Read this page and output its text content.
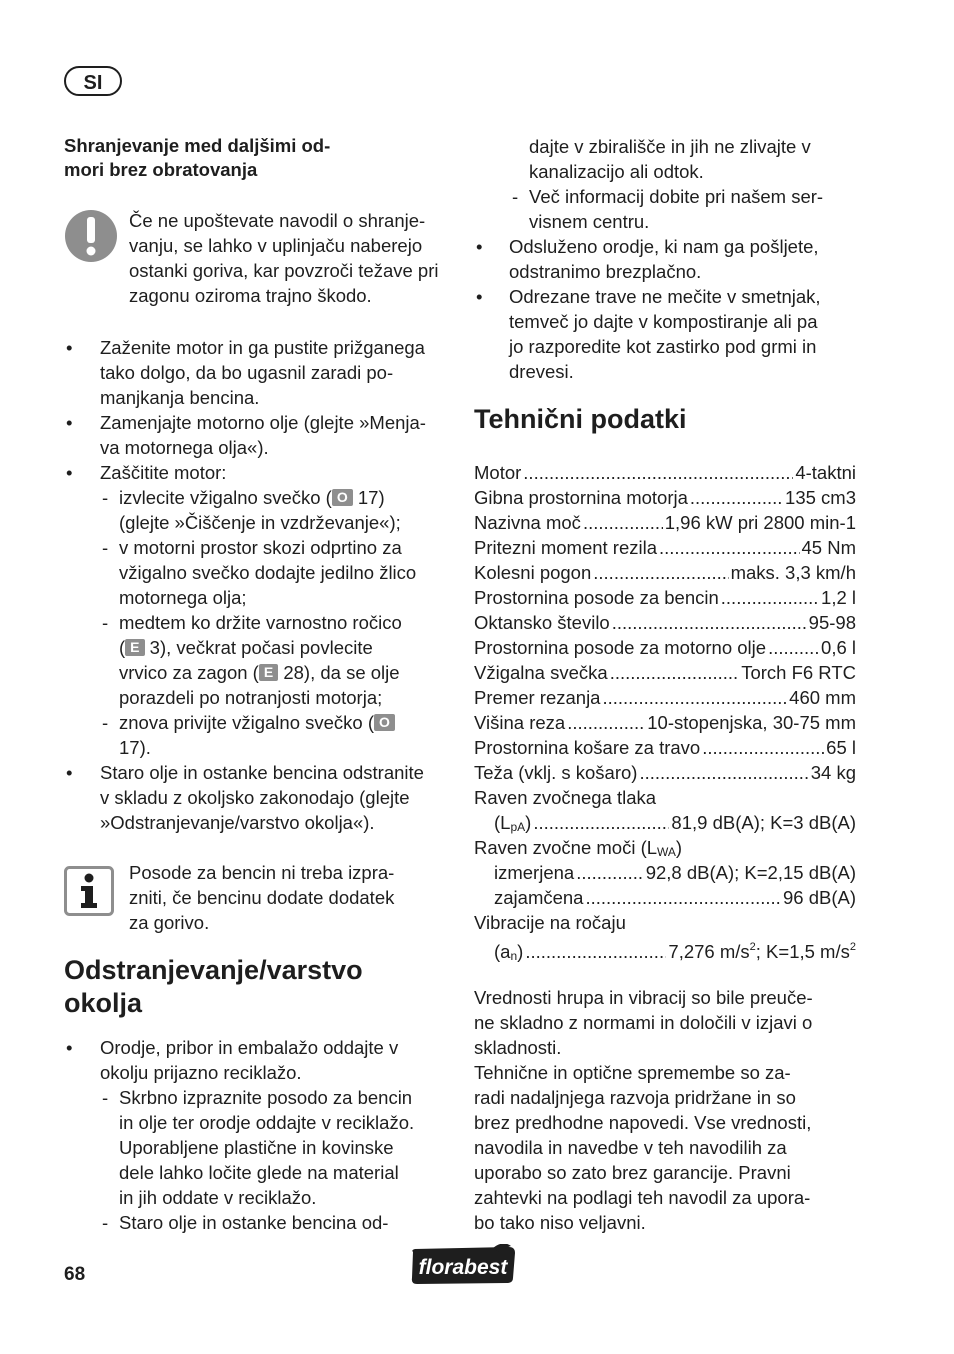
SI
Shranjevanje med daljšimi od-
mori brez obratovanja
Če ne upoštevate navodil o shranje-
vanju, se lahko v uplinjaču naberejo
ostanki goriva, kar povzroči težave pri
zagonu oziroma trajno škodo.
• Zaženite motor in ga pustite prižganega
tako dolgo, da bo ugasnil zaradi po-
manjkanja bencina.
• Zamenjajte motorno olje (glejte »Menja-
va motornega olja«).
• Zaščitite motor:
- izvlecite vžigalno svečko ( O 17)
(glejte »Čiščenje in vzdrževanje«);
- v motorni prostor skozi odprtino za
vžigalno svečko dodajte jedilno žlico
motornega olja;
- medtem ko držite varnostno ročico
( E 3), večkrat počasi povlecite
vrvico za zagon ( E 28), da se olje
porazdeli po notranjosti motorja;
- znova privijte vžigalno svečko ( O
17).
• Staro olje in ostanke bencina odstranite
v skladu z okoljsko zakonodajo (glejte
»Odstranjevanje/varstvo okolja«).
Posode za bencin ni treba izpra-
zniti, če bencinu dodate dodatek
za gorivo.
Odstranjevanje/varstvo
okolja
• Orodje, pribor in embalažo oddajte v
okolju prijazno reciklažo.
- Skrbno izpraznite posodo za bencin
in olje ter orodje oddajte v reciklažo.
Uporabljene plastične in kovinske
dele lahko ločite glede na material
in jih oddate v reciklažo.
- Staro olje in ostanke bencina od-
dajte v zbirališče in jih ne zlivajte v
kanalizacijo ali odtok.
- Več informacij dobite pri našem ser-
visnem centru.
• Odsluženo orodje, ki nam ga pošljete,
odstranimo brezplačno.
• Odrezane trave ne mečite v smetnjak,
temveč jo dajte v kompostiranje ali pa
jo razporedite kot zastirko pod grmi in
drevesi.
Tehnični podatki
Motor .....	4-taktni
Gibna prostornina motorja .....	135 cm3
Nazivna moč .....	1,96 kW pri 2800 min-1
Pritezni moment rezila .....	45 Nm
Kolesni pogon .....	maks. 3,3 km/h
Prostornina posode za bencin .....	1,2 l
Oktansko število .....	95-98
Prostornina posode za motorno olje .....	0,6 l
Vžigalna svečka .....	Torch F6 RTC
Premer rezanja .....	460 mm
Višina reza .....	10-stopenjska, 30-75 mm
Prostornina košare za travo .....	65 l
Teža (vklj. s košaro) .....	34 kg
Raven zvočnega tlaka
(LpA) .....	81,9 dB(A); K=3 dB(A)
Raven zvočne moči (LWA)
izmerjena .....	92,8 dB(A); K=2,15 dB(A)
zajamčena .....	96 dB(A)
Vibracije na ročaju
(an) .....	7,276 $m/s^2$; K=1,5 $m/s^2$
Vrednosti hrupa in vibracij so bile preuče-
ne skladno z normami in določili v izjavi o
skladnosti.
Tehnične in optične spremembe so za-
radi nadaljnjega razvoja pridržane in so
brez predhodne napovedi. Vse vrednosti,
navodila in navedbe v teh navodilih za
uporabo so zato brez garancije. Pravni
zahtevki na podlagi teh navodil za upora-
bo tako niso veljavni.
68	florabest
